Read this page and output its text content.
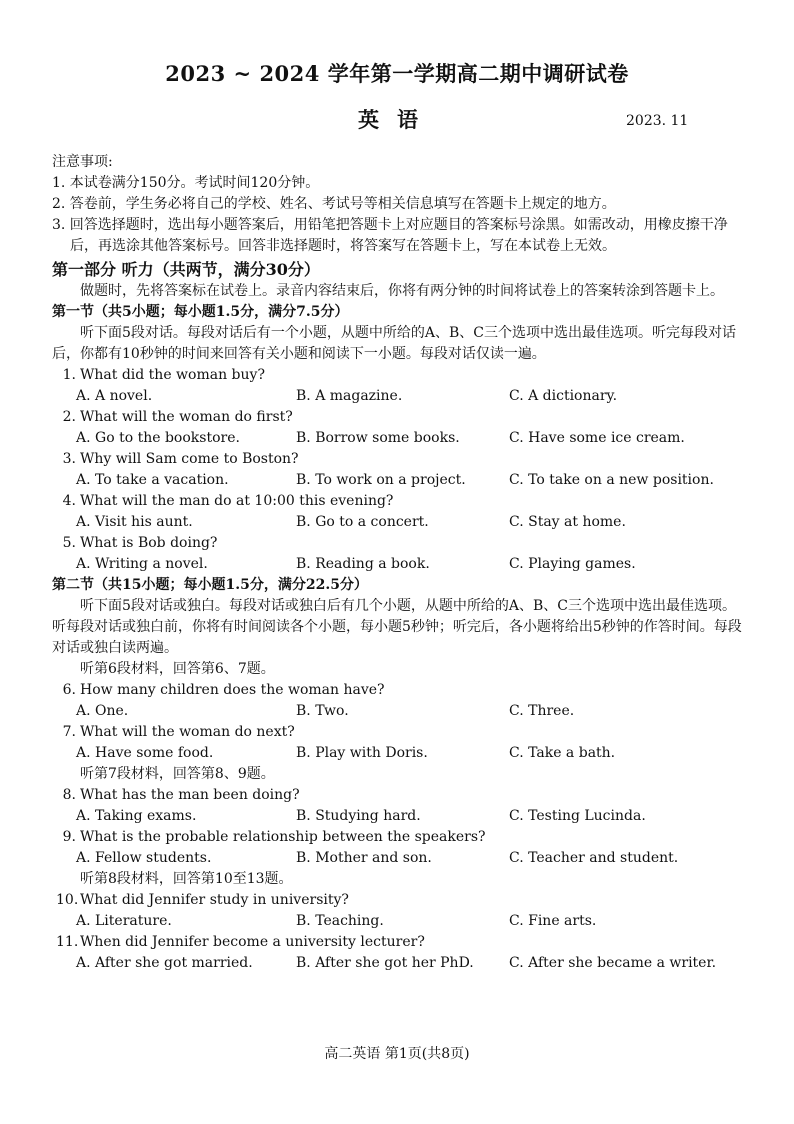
2023 ~ 2024 学年第一学期高二期中调研试卷
英语	2023. 11
注意事项:
1. 本试卷满分150分。考试时间120分钟。
2. 答卷前，学生务必将自己的学校、姓名、考试号等相关信息填写在答题卡上规定的地方。
3. 回答选择题时，选出每小题答案后，用铅笔把答题卡上对应题目的答案标号涂黑。如需改动，用橡皮擦干净后，再选涂其他答案标号。回答非选择题时，将答案写在答题卡上，写在本试卷上无效。
第一部分 听力（共两节，满分30分）
做题时，先将答案标在试卷上。录音内容结束后，你将有两分钟的时间将试卷上的答案转涂到答题卡上。
第一节（共5小题；每小题1.5分，满分7.5分）
听下面5段对话。每段对话后有一个小题，从题中所给的A、B、C三个选项中选出最佳选项。听完每段对话后，你都有10秒钟的时间来回答有关小题和阅读下一小题。每段对话仅读一遍。
1. What did the woman buy?
A. A novel.	B. A magazine.	C. A dictionary.
2. What will the woman do first?
A. Go to the bookstore.	B. Borrow some books.	C. Have some ice cream.
3. Why will Sam come to Boston?
A. To take a vacation.	B. To work on a project.	C. To take on a new position.
4. What will the man do at 10:00 this evening?
A. Visit his aunt.	B. Go to a concert.	C. Stay at home.
5. What is Bob doing?
A. Writing a novel.	B. Reading a book.	C. Playing games.
第二节（共15小题；每小题1.5分，满分22.5分）
听下面5段对话或独白。每段对话或独白后有几个小题，从题中所给的A、B、C三个选项中选出最佳选项。听每段对话或独白前，你将有时间阅读各个小题，每小题5秒钟；听完后，各小题将给出5秒钟的作答时间。每段对话或独白读两遍。
听第6段材料，回答第6、7题。
6. How many children does the woman have?
A. One.	B. Two.	C. Three.
7. What will the woman do next?
A. Have some food.	B. Play with Doris.	C. Take a bath.
听第7段材料，回答第8、9题。
8. What has the man been doing?
A. Taking exams.	B. Studying hard.	C. Testing Lucinda.
9. What is the probable relationship between the speakers?
A. Fellow students.	B. Mother and son.	C. Teacher and student.
听第8段材料，回答第10至13题。
10. What did Jennifer study in university?
A. Literature.	B. Teaching.	C. Fine arts.
11. When did Jennifer become a university lecturer?
A. After she got married.	B. After she got her PhD.	C. After she became a writer.
高二英语 第1页(共8页)
